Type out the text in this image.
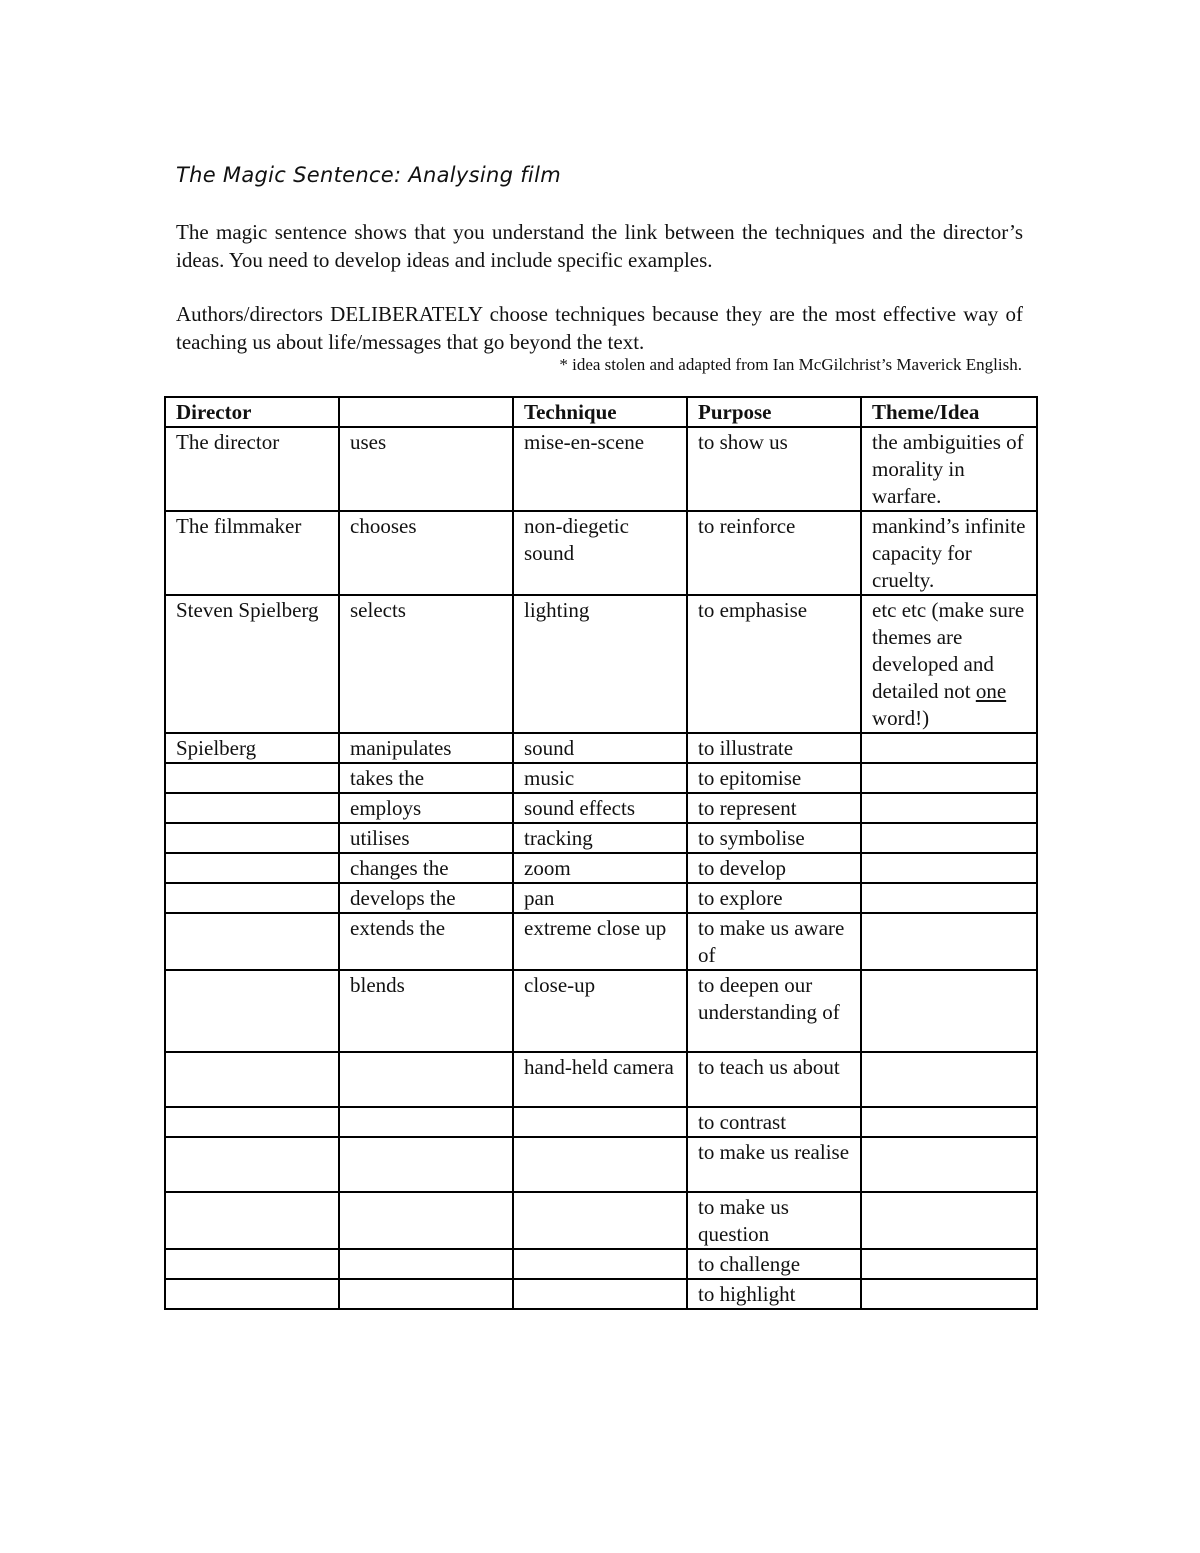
The Magic Sentence: Analysing film

The magic sentence shows that you understand the link between the techniques and the director’s ideas. You need to develop ideas and include specific examples.

Authors/directors DELIBERATELY choose techniques because they are the most effective way of teaching us about life/messages that go beyond the text.

* idea stolen and adapted from Ian McGilchrist’s Maverick English.
Director		Technique	Purpose	Theme/Idea
The director	uses	mise-en-scene	to show us	the ambiguities of morality in warfare.
The filmmaker	chooses	non-diegetic sound	to reinforce	mankind’s infinite capacity for cruelty.
Steven Spielberg	selects	lighting	to emphasise	etc etc (make sure themes are developed and detailed not one word!)
Spielberg	manipulates	sound	to illustrate	
	takes the	music	to epitomise	
	employs	sound effects	to represent	
	utilises	tracking	to symbolise	
	changes the	zoom	to develop	
	develops the	pan	to explore	
	extends the	extreme close up	to make us aware of	
	blends	close-up	to deepen our understanding of	
		hand-held camera	to teach us about	
			to contrast	
			to make us realise	
			to make us question	
			to challenge	
			to highlight	
